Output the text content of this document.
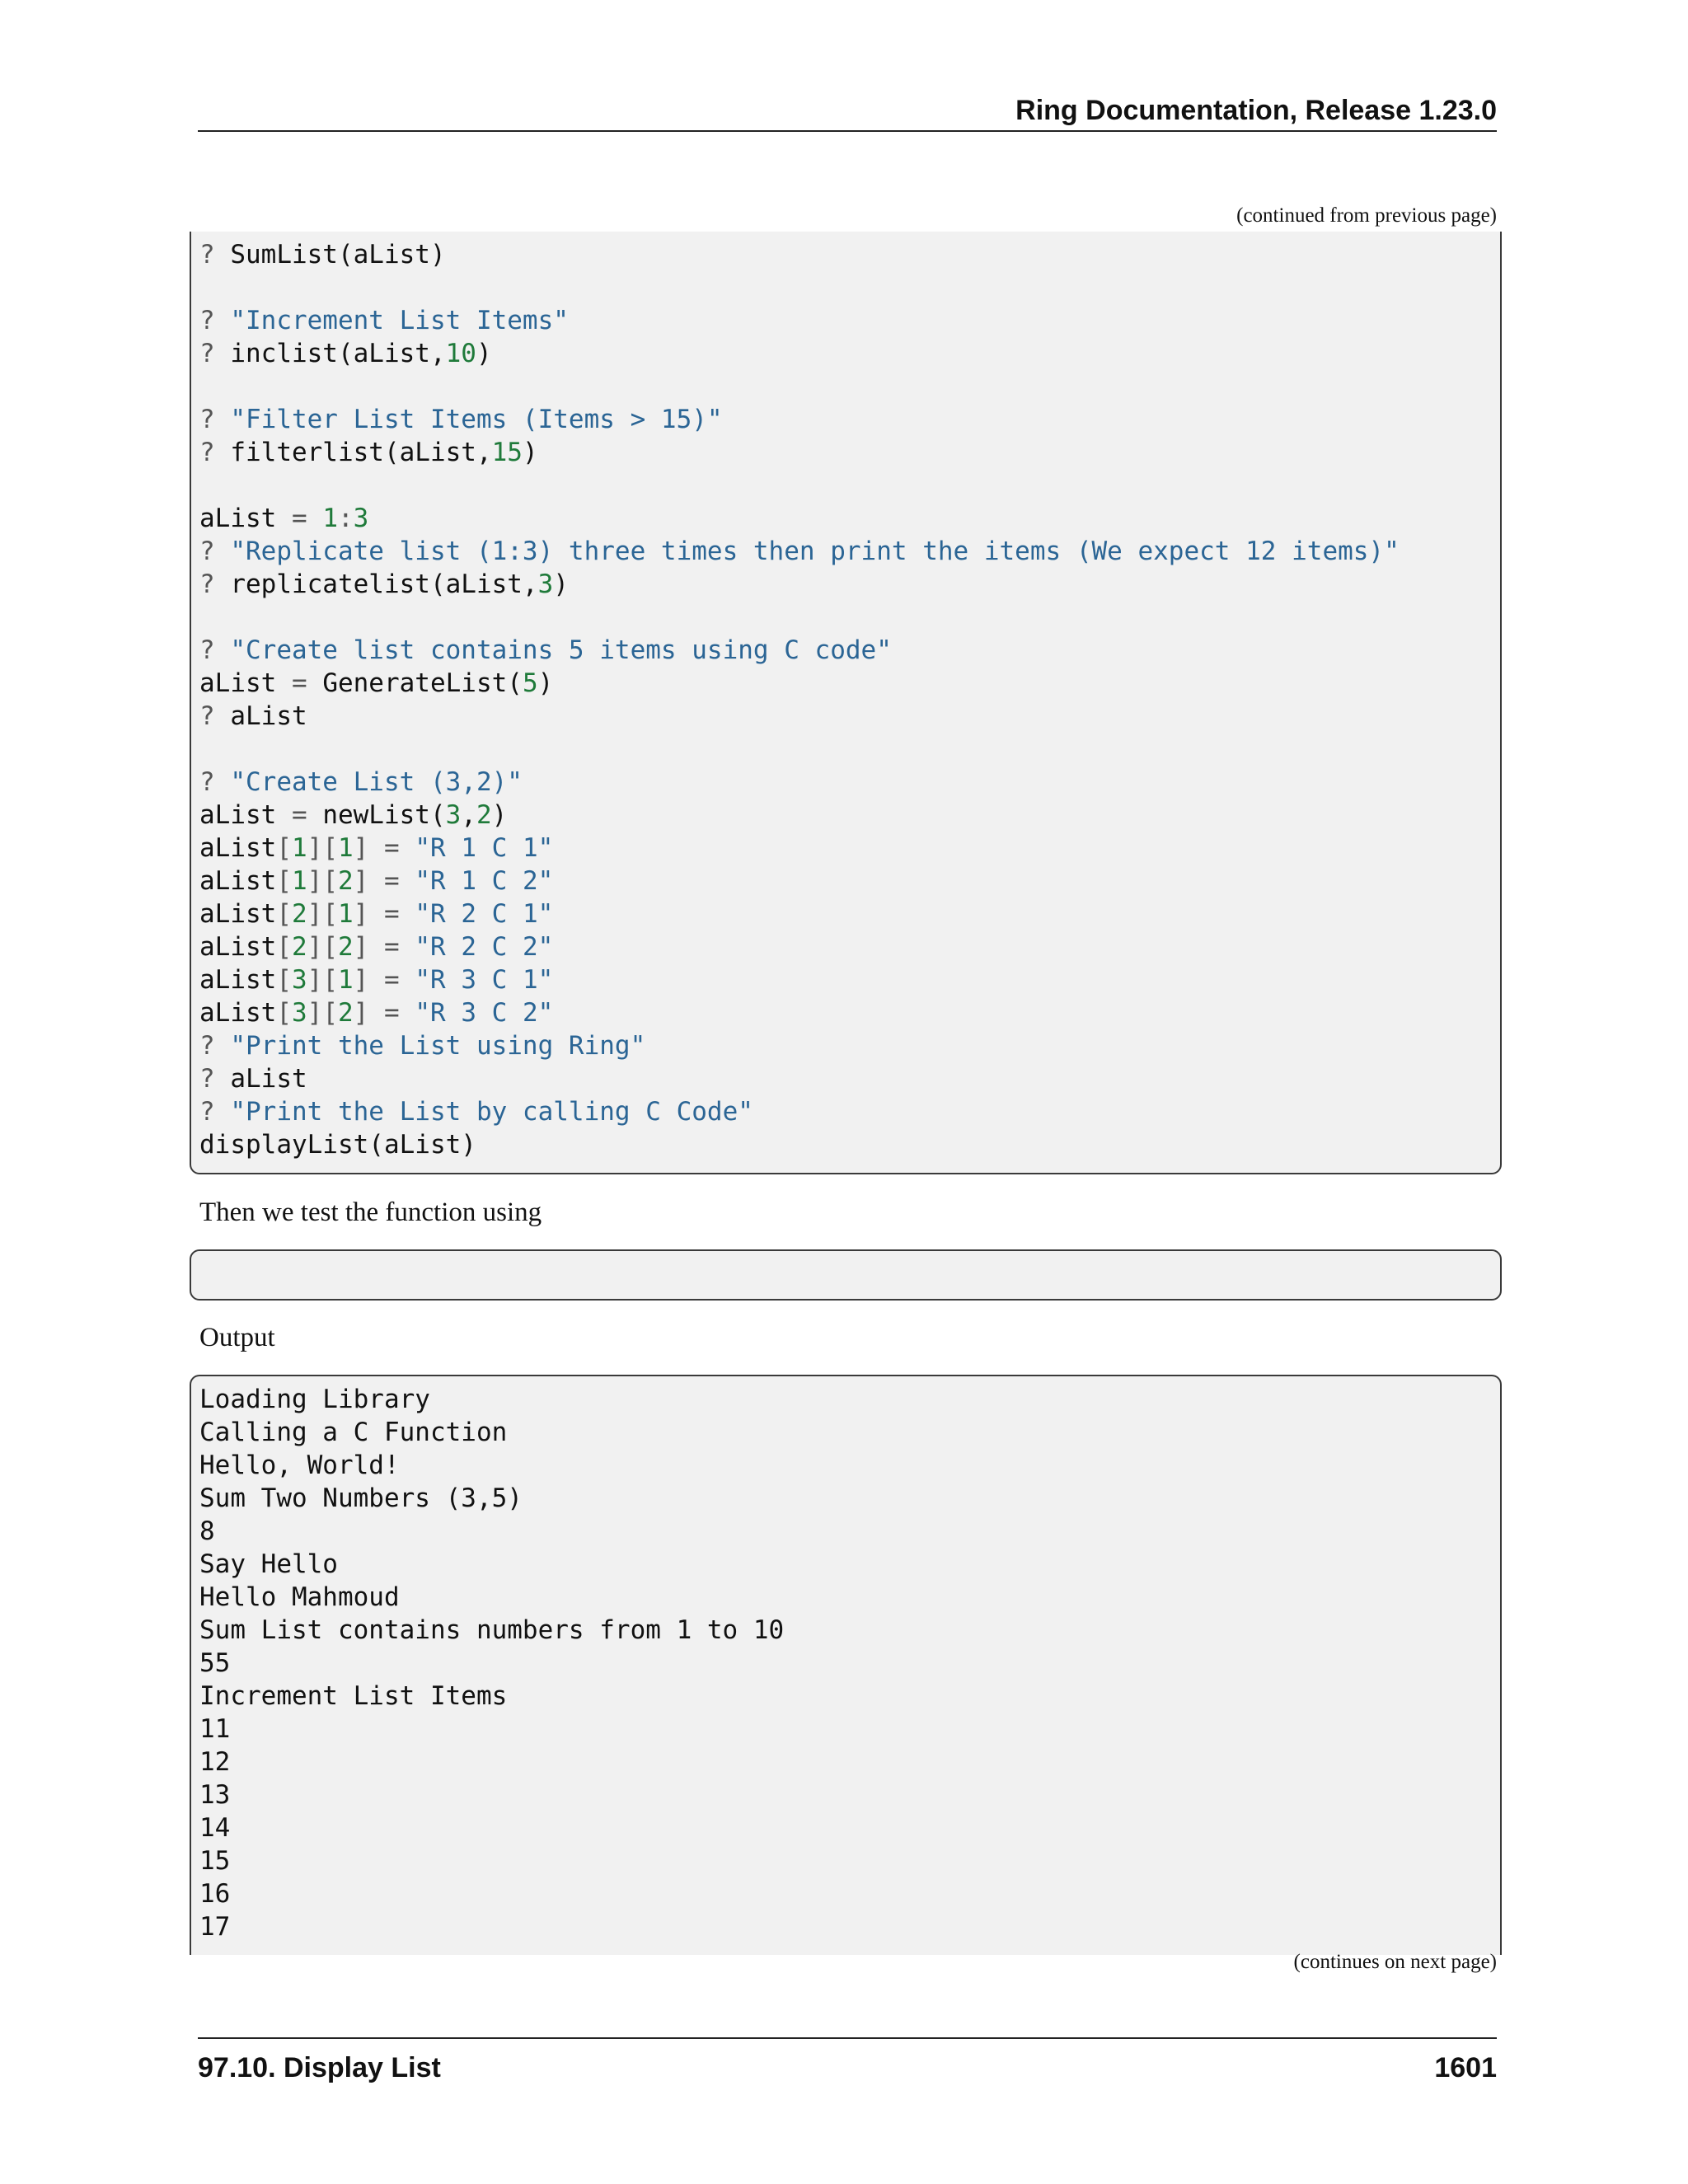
Ring Documentation, Release 1.23.0
(continued from previous page)
? SumList(aList)
? "Increment List Items"
? inclist(aList,10)
? "Filter List Items (Items > 15)"
? filterlist(aList,15)
aList = 1:3
? "Replicate list (1:3) three times then print the items (We expect 12 items)"
? replicatelist(aList,3)
? "Create list contains 5 items using C code"
aList = GenerateList(5)
? aList
? "Create List (3,2)"
aList = newList(3,2)
aList[1][1] = "R 1 C 1"
aList[1][2] = "R 1 C 2"
aList[2][1] = "R 2 C 1"
aList[2][2] = "R 2 C 2"
aList[3][1] = "R 3 C 1"
aList[3][2] = "R 3 C 2"
? "Print the List using Ring"
? aList
? "Print the List by calling C Code"
displayList(aList)
Then we test the function using

Output
Loading Library
Calling a C Function
Hello, World!
Sum Two Numbers (3,5)
8
Say Hello
Hello Mahmoud
Sum List contains numbers from 1 to 10
55
Increment List Items
11
12
13
14
15
16
17
(continues on next page)
97.10. Display List	1601
